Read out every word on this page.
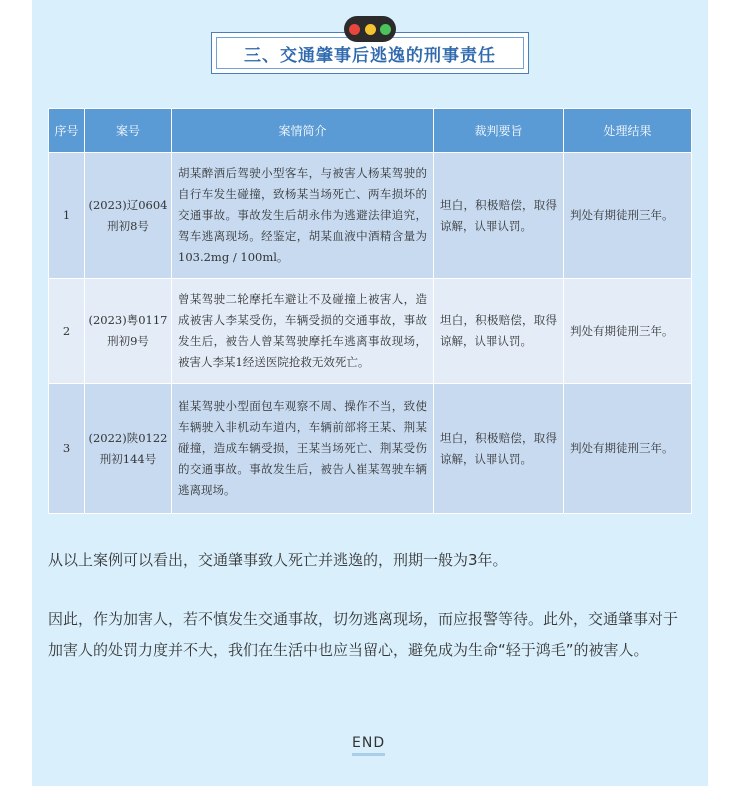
三、交通肇事后逃逸的刑事责任
序号	案号	案情简介	裁判要旨	处理结果
1	(2023)辽0604刑初8号	胡某醉酒后驾驶小型客车，与被害人杨某驾驶的自行车发生碰撞，致杨某当场死亡、两车损坏的交通事故。事故发生后胡永伟为逃避法律追究，驾车逃离现场。经鉴定，胡某血液中酒精含量为103.2mg / 100ml。	坦白，积极赔偿，取得谅解，认罪认罚。	判处有期徒刑三年。
2	(2023)粤0117刑初9号	曾某驾驶二轮摩托车避让不及碰撞上被害人，造成被害人李某受伤，车辆受损的交通事故，事故发生后，被告人曾某驾驶摩托车逃离事故现场，被害人李某1经送医院抢救无效死亡。	坦白，积极赔偿，取得谅解，认罪认罚。	判处有期徒刑三年。
3	(2022)陕0122刑初144号	崔某驾驶小型面包车观察不周、操作不当，致使车辆驶入非机动车道内，车辆前部将王某、荆某碰撞，造成车辆受损，王某当场死亡、荆某受伤的交通事故。事故发生后，被告人崔某驾驶车辆逃离现场。	坦白，积极赔偿，取得谅解，认罪认罚。	判处有期徒刑三年。
从以上案例可以看出，交通肇事致人死亡并逃逸的，刑期一般为3年。
因此，作为加害人，若不慎发生交通事故，切勿逃离现场，而应报警等待。此外，交通肇事对于加害人的处罚力度并不大，我们在生活中也应当留心，避免成为生命“轻于鸿毛”的被害人。
END
